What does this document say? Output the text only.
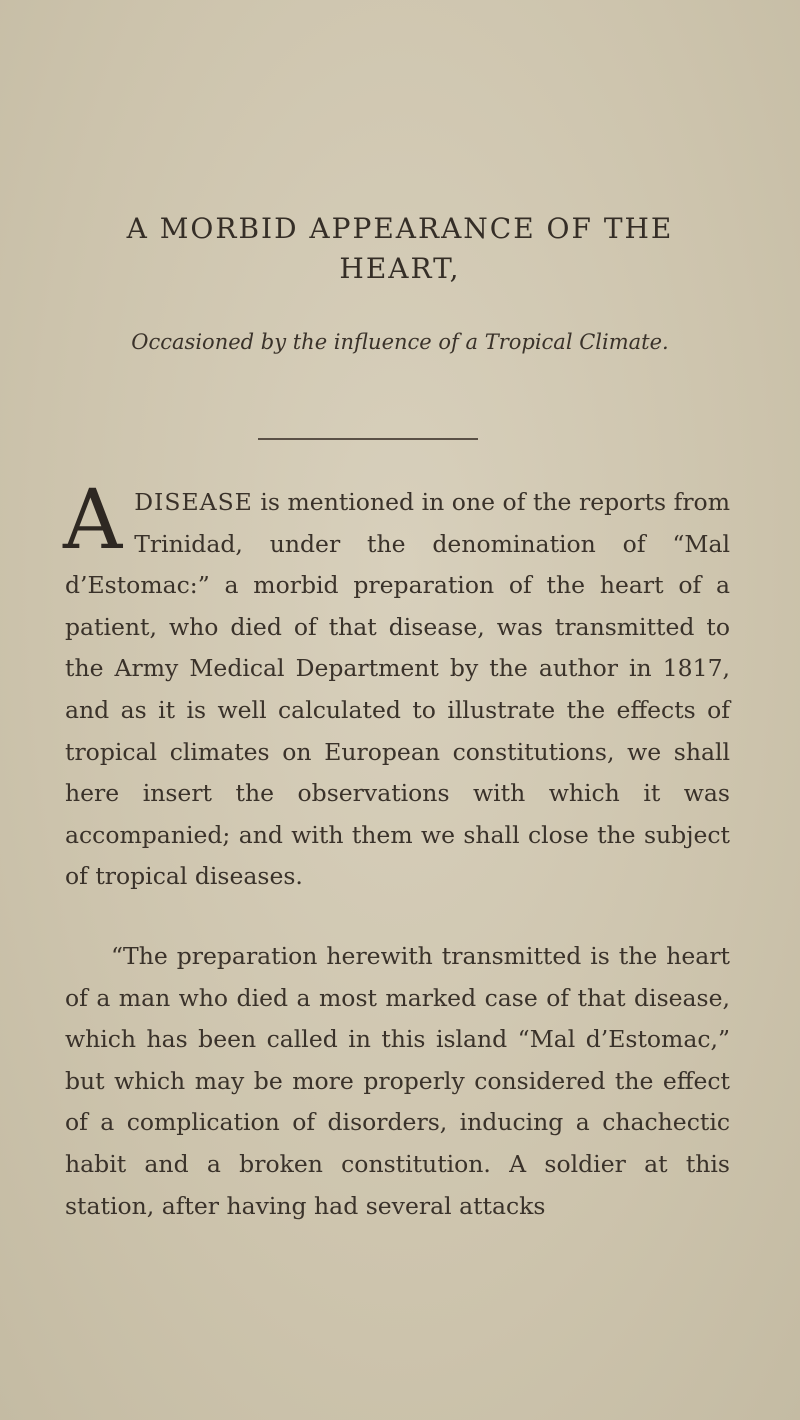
A MORBID APPEARANCE OF THE
HEART,

Occasioned by the influence of a Tropical Climate.

ADISEASE is mentioned in one of the reports from Trinidad, under the denomination of “Mal d’Estomac:” a morbid preparation of the heart of a patient, who died of that disease, was transmitted to the Army Medical Department by the author in 1817, and as it is well calculated to illustrate the effects of tropical climates on European constitutions, we shall here insert the observations with which it was accompanied; and with them we shall close the subject of tropical diseases.

“The preparation herewith transmitted is the heart of a man who died a most marked case of that disease, which has been called in this island “Mal d’Estomac,” but which may be more properly considered the effect of a complication of disorders, inducing a chachectic habit and a broken constitution. A soldier at this station, after having had several attacks
